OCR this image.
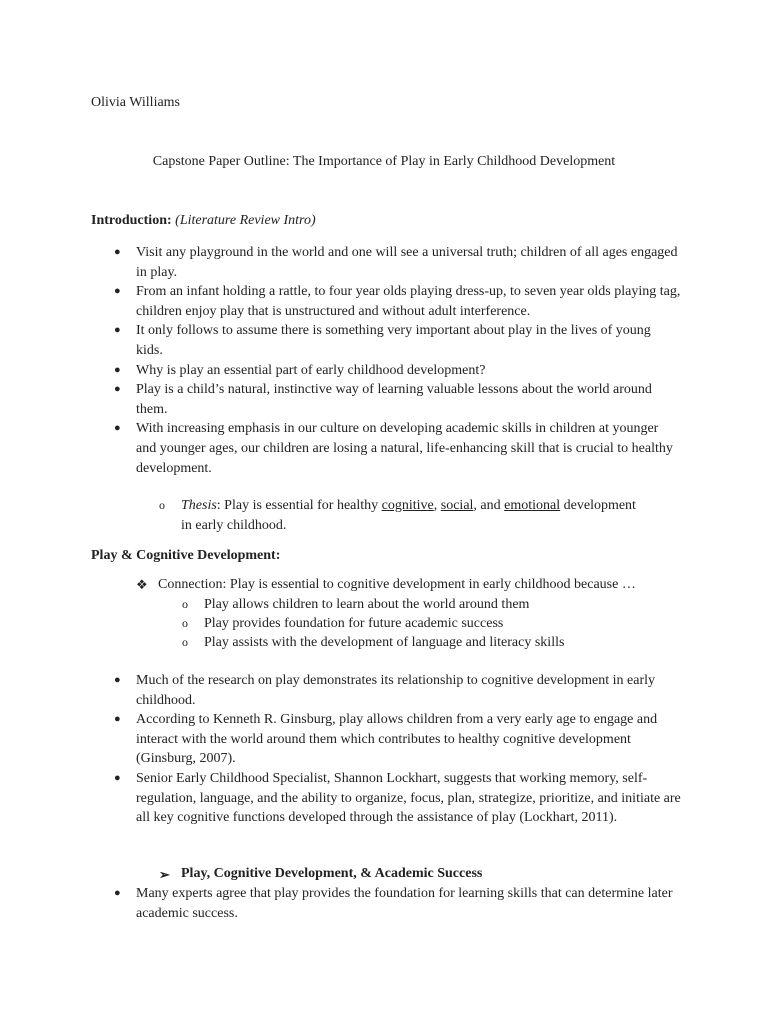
Olivia Williams
Capstone Paper Outline: The Importance of Play in Early Childhood Development
Introduction: (Literature Review Intro)
● Visit any playground in the world and one will see a universal truth; children of all ages engaged in play.
● From an infant holding a rattle, to four year olds playing dress-up, to seven year olds playing tag, children enjoy play that is unstructured and without adult interference.
● It only follows to assume there is something very important about play in the lives of young kids.
● Why is play an essential part of early childhood development?
● Play is a child’s natural, instinctive way of learning valuable lessons about the world around them.
● With increasing emphasis in our culture on developing academic skills in children at younger and younger ages, our children are losing a natural, life-enhancing skill that is crucial to healthy development.
o Thesis: Play is essential for healthy cognitive, social, and emotional development
in early childhood.
Play & Cognitive Development:
❖ Connection: Play is essential to cognitive development in early childhood because …
o Play allows children to learn about the world around them
o Play provides foundation for future academic success
o Play assists with the development of language and literacy skills
● Much of the research on play demonstrates its relationship to cognitive development in early childhood.
● According to Kenneth R. Ginsburg, play allows children from a very early age to engage and interact with the world around them which contributes to healthy cognitive development (Ginsburg, 2007).
● Senior Early Childhood Specialist, Shannon Lockhart, suggests that working memory, self-regulation, language, and the ability to organize, focus, plan, strategize, prioritize, and initiate are all key cognitive functions developed through the assistance of play (Lockhart, 2011).
➢ Play, Cognitive Development, & Academic Success
● Many experts agree that play provides the foundation for learning skills that can determine later academic success.
